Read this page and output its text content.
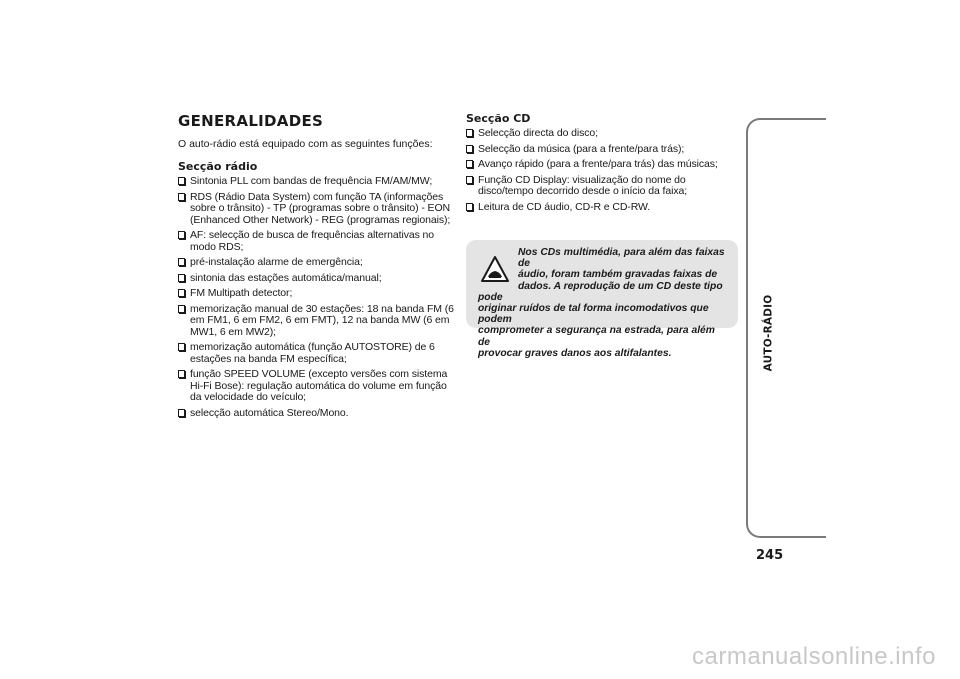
GENERALIDADES

O auto-rádio está equipado com as seguintes funções:

Secção rádio
Sintonia PLL com bandas de frequência FM/AM/MW;
RDS (Rádio Data System) com função TA (informações sobre o trânsito) - TP (programas sobre o trânsito) - EON (Enhanced Other Network) - REG (programas regionais);
AF: selecção de busca de frequências alternativas no modo RDS;
pré-instalação alarme de emergência;
sintonia das estações automática/manual;
FM Multipath detector;
memorização manual de 30 estações: 18 na banda FM (6 em FM1, 6 em FM2, 6 em FMT), 12 na banda MW (6 em MW1, 6 em MW2);
memorização automática (função AUTOSTORE) de 6 estações na banda FM específica;
função SPEED VOLUME (excepto versões com sistema Hi-Fi Bose): regulação automática do volume em função da velocidade do veículo;
selecção automática Stereo/Mono.
Secção CD
Selecção directa do disco;
Selecção da música (para a frente/para trás);
Avanço rápido (para a frente/para trás) das músicas;
Função CD Display: visualização do nome do disco/tempo decorrido desde o início da faixa;
Leitura de CD áudio, CD-R e CD-RW.

Nos CDs multimédia, para além das faixas de
áudio, foram também gravadas faixas de
dados. A reprodução de um CD deste tipo pode
originar ruídos de tal forma incomodativos que podem
comprometer a segurança na estrada, para além de
provocar graves danos aos altifalantes.	AUTO-RÁDIO
245
carmanualsonline.info
